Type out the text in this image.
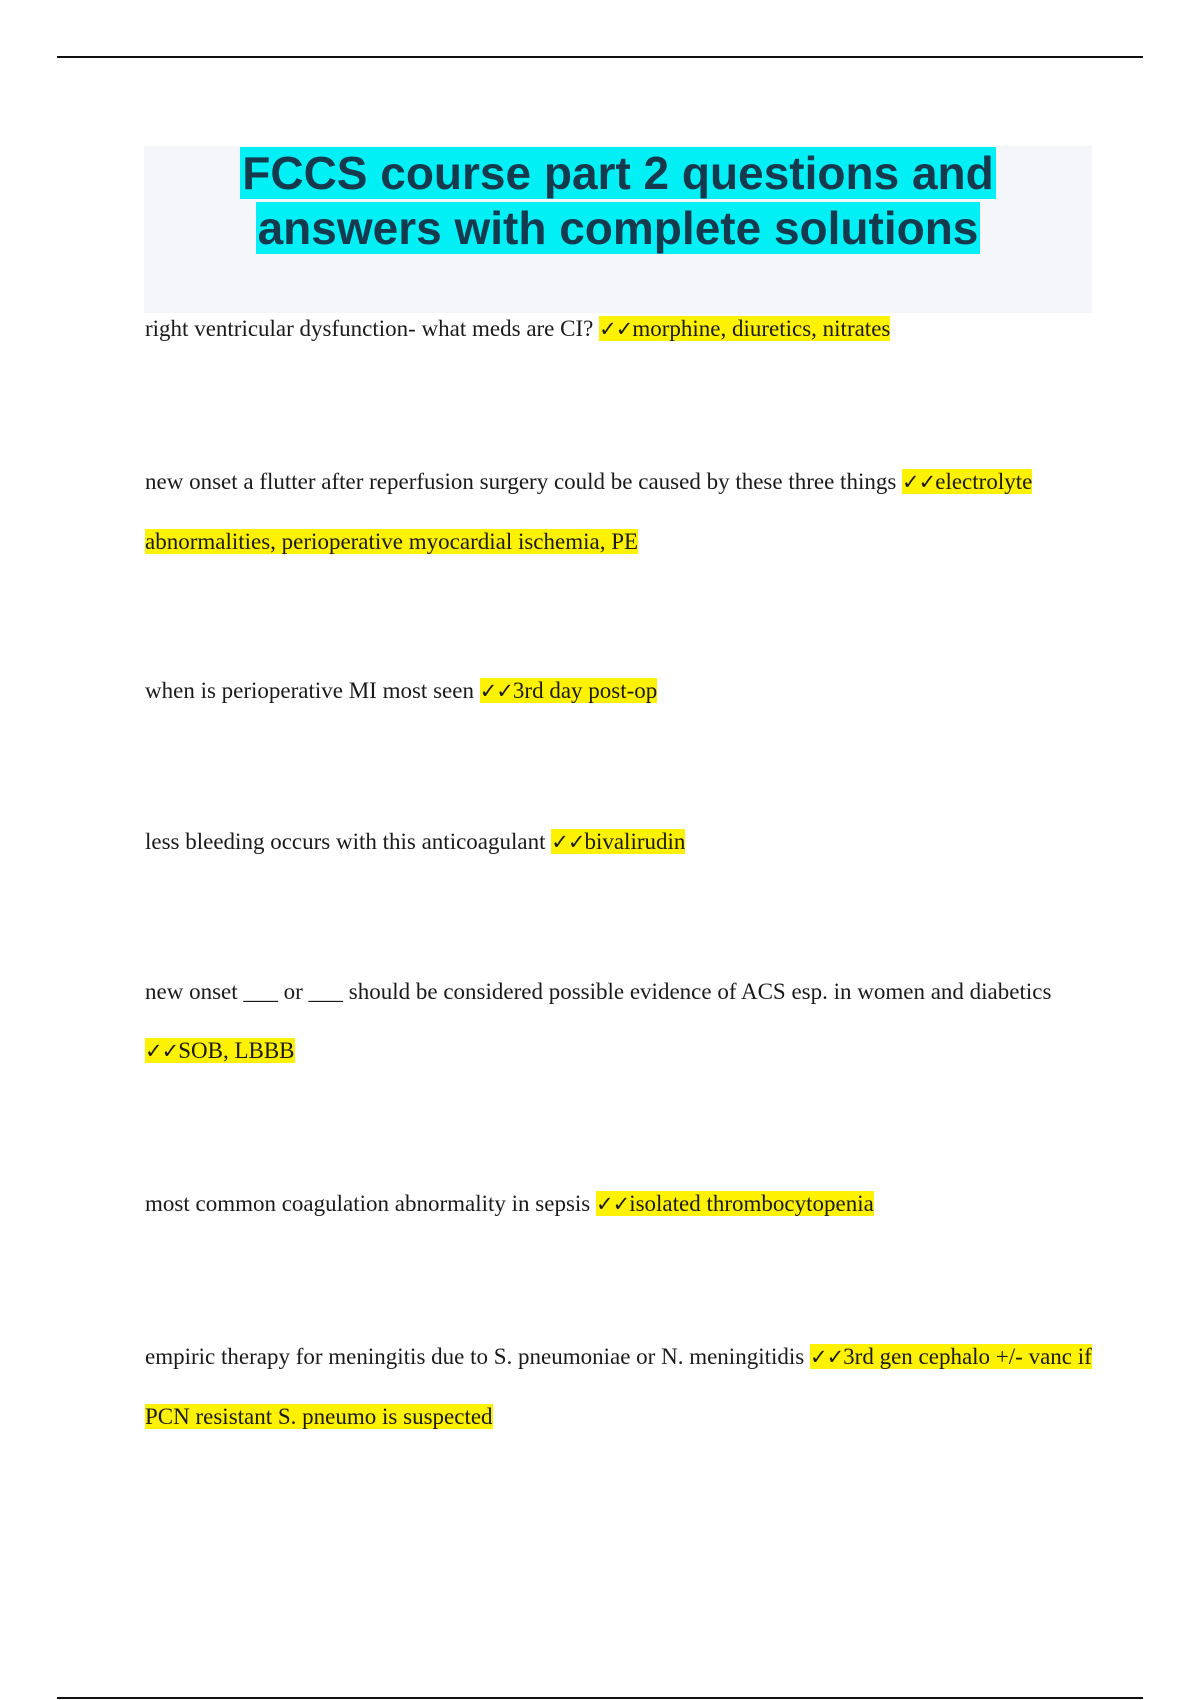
FCCS course part 2 questions and
answers with complete solutions

right ventricular dysfunction- what meds are CI? ✓✓morphine, diuretics, nitrates

new onset a flutter after reperfusion surgery could be caused by these three things ✓✓electrolyte abnormalities, perioperative myocardial ischemia, PE

when is perioperative MI most seen ✓✓3rd day post-op

less bleeding occurs with this anticoagulant ✓✓bivalirudin

new onset ___ or ___ should be considered possible evidence of ACS esp. in women and diabetics ✓✓SOB, LBBB

most common coagulation abnormality in sepsis ✓✓isolated thrombocytopenia

empiric therapy for meningitis due to S. pneumoniae or N. meningitidis ✓✓3rd gen cephalo +/- vanc if PCN resistant S. pneumo is suspected
